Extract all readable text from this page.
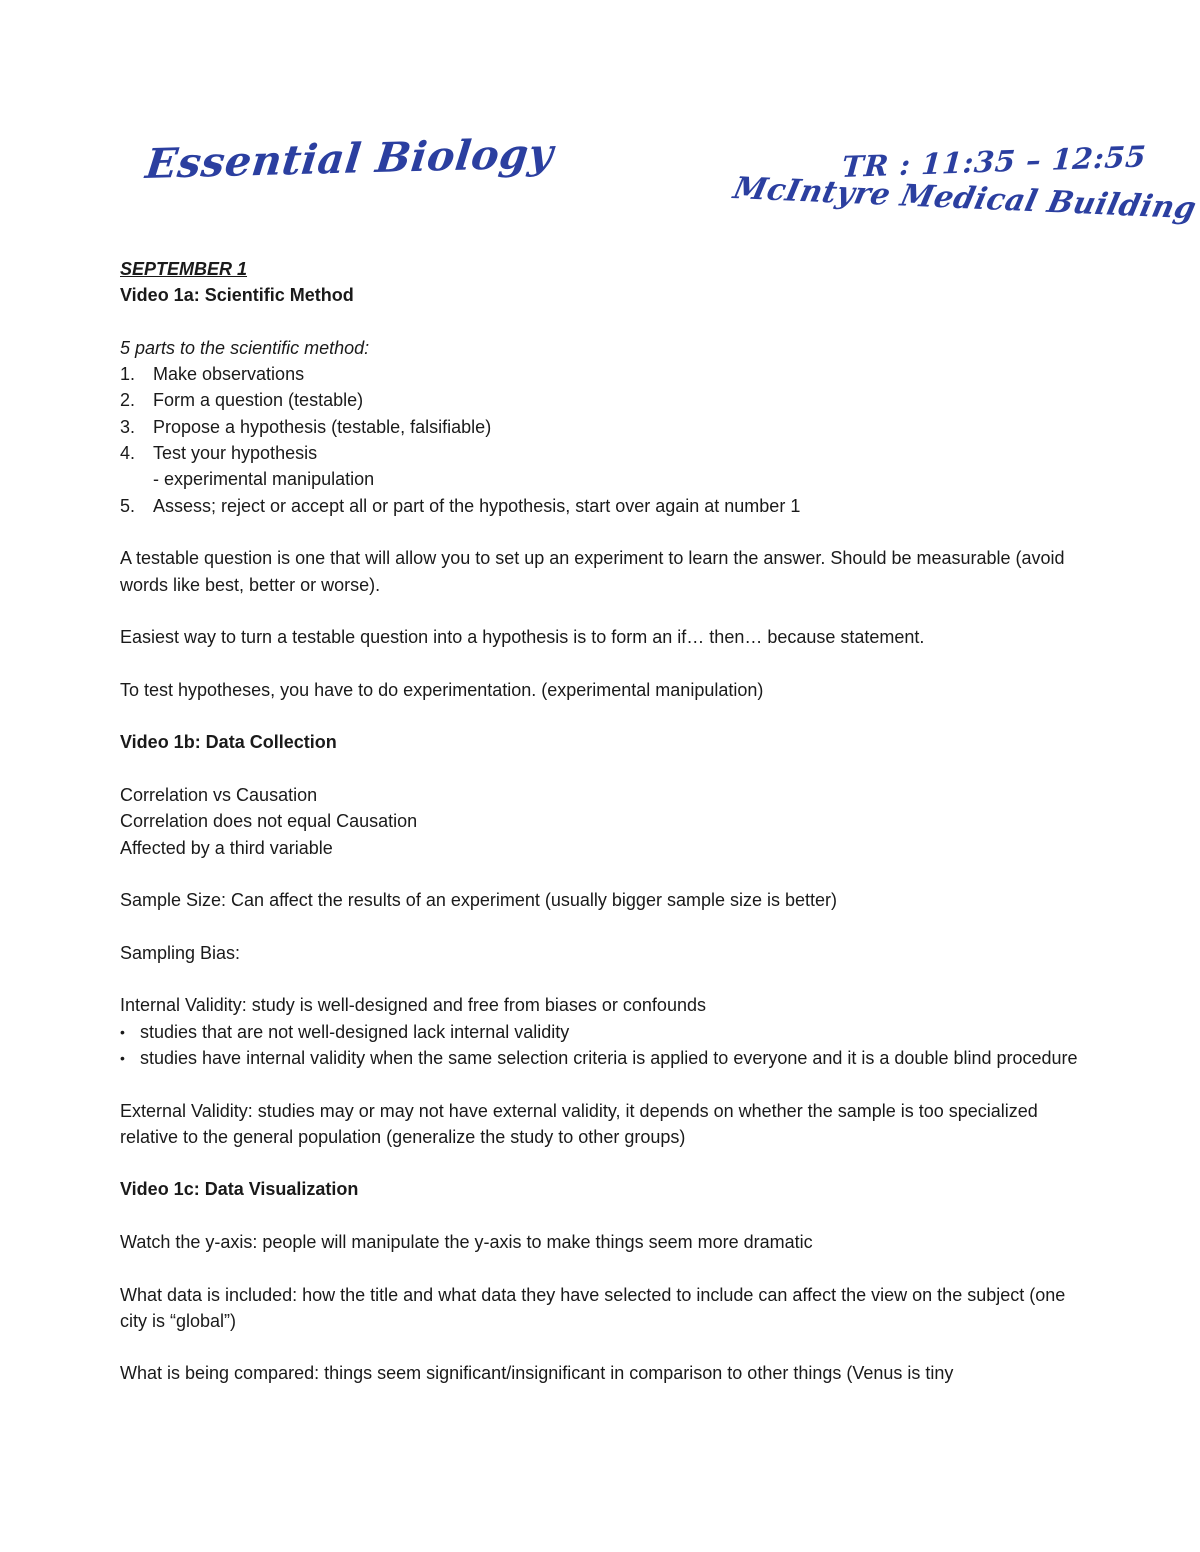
Essential Biology	TR : 11:35 – 12:55
McIntyre Medical Building

SEPTEMBER 1

Video 1a: Scientific Method

5 parts to the scientific method:

1. Make observations
2. Form a question (testable)
3. Propose a hypothesis (testable, falsifiable)
4. Test your hypothesis
- experimental manipulation
5. Assess; reject or accept all or part of the hypothesis, start over again at number 1

A testable question is one that will allow you to set up an experiment to learn the answer. Should be measurable (avoid words like best, better or worse).

Easiest way to turn a testable question into a hypothesis is to form an if… then… because statement.

To test hypotheses, you have to do experimentation. (experimental manipulation)

Video 1b: Data Collection

Correlation vs Causation

Correlation does not equal Causation

Affected by a third variable

Sample Size: Can affect the results of an experiment (usually bigger sample size is better)

Sampling Bias:

Internal Validity: study is well-designed and free from biases or confounds

• studies that are not well-designed lack internal validity
• studies have internal validity when the same selection criteria is applied to everyone and it is a double blind procedure

External Validity: studies may or may not have external validity, it depends on whether the sample is too specialized relative to the general population (generalize the study to other groups)

Video 1c: Data Visualization

Watch the y-axis: people will manipulate the y-axis to make things seem more dramatic

What data is included: how the title and what data they have selected to include can affect the view on the subject (one city is “global”)

What is being compared: things seem significant/insignificant in comparison to other things (Venus is tiny
